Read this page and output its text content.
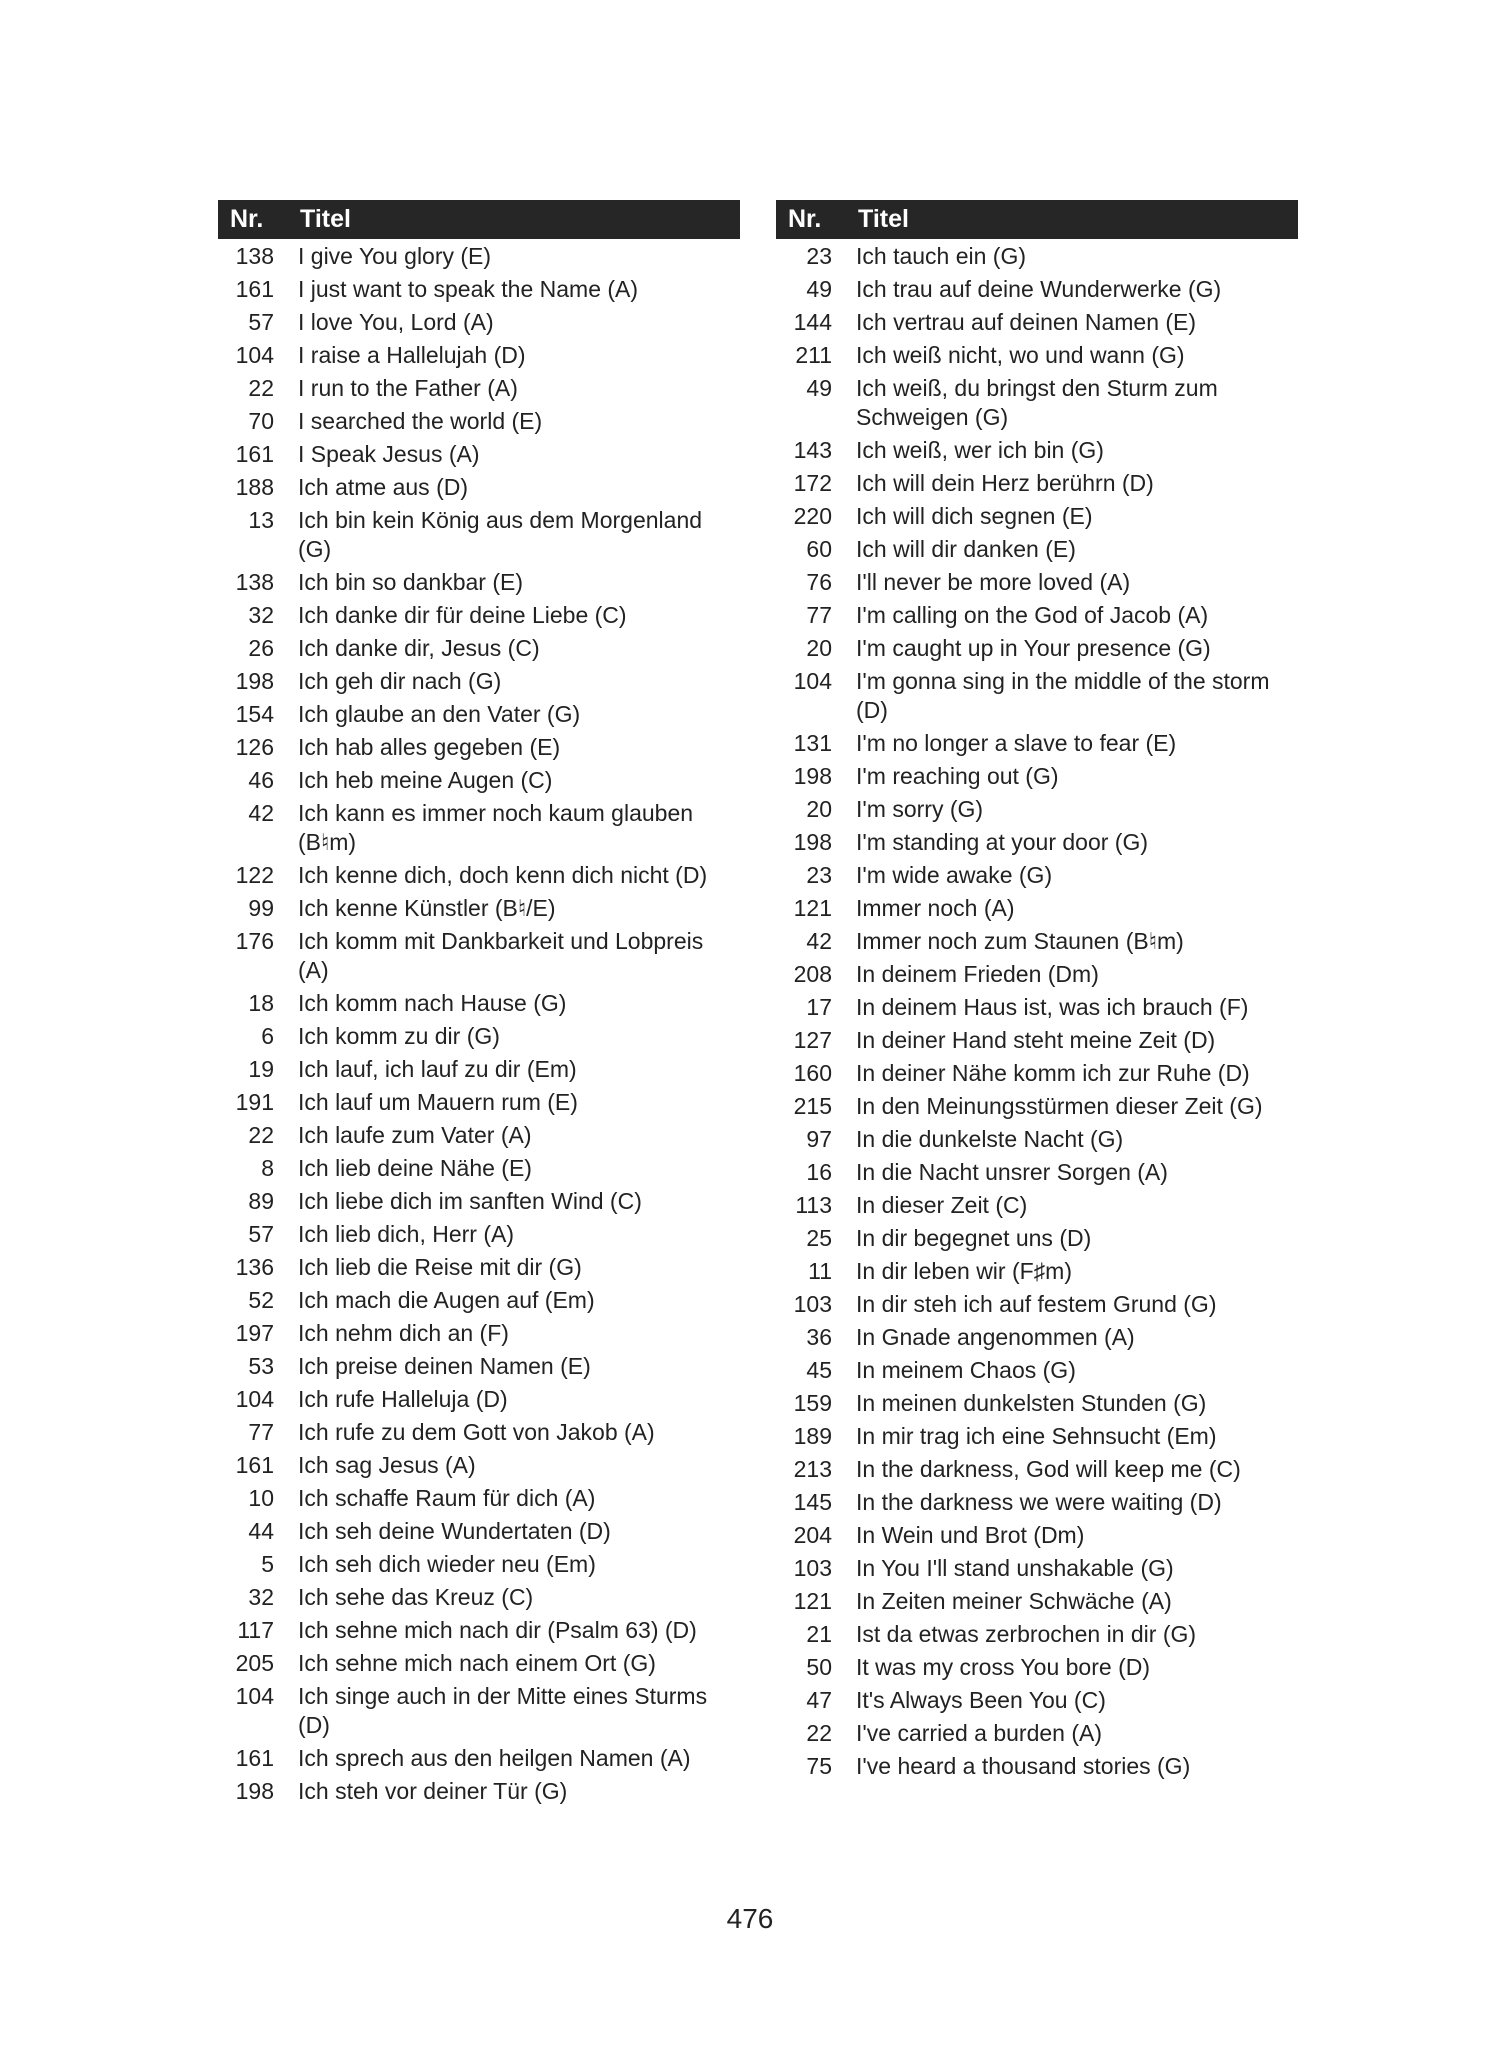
Nr.	Titel
138	I give You glory (E)
161	I just want to speak the Name (A)
57	I love You, Lord (A)
104	I raise a Hallelujah (D)
22	I run to the Father (A)
70	I searched the world (E)
161	I Speak Jesus (A)
188	Ich atme aus (D)
13	Ich bin kein König aus dem Morgenland (G)
138	Ich bin so dankbar (E)
32	Ich danke dir für deine Liebe (C)
26	Ich danke dir, Jesus (C)
198	Ich geh dir nach (G)
154	Ich glaube an den Vater (G)
126	Ich hab alles gegeben (E)
46	Ich heb meine Augen (C)
42	Ich kann es immer noch kaum glauben (B♮m)
122	Ich kenne dich, doch kenn dich nicht (D)
99	Ich kenne Künstler (B♮/E)
176	Ich komm mit Dankbarkeit und Lobpreis (A)
18	Ich komm nach Hause (G)
6	Ich komm zu dir (G)
19	Ich lauf, ich lauf zu dir (Em)
191	Ich lauf um Mauern rum (E)
22	Ich laufe zum Vater (A)
8	Ich lieb deine Nähe (E)
89	Ich liebe dich im sanften Wind (C)
57	Ich lieb dich, Herr (A)
136	Ich lieb die Reise mit dir (G)
52	Ich mach die Augen auf (Em)
197	Ich nehm dich an (F)
53	Ich preise deinen Namen (E)
104	Ich rufe Halleluja (D)
77	Ich rufe zu dem Gott von Jakob (A)
161	Ich sag Jesus (A)
10	Ich schaffe Raum für dich (A)
44	Ich seh deine Wundertaten (D)
5	Ich seh dich wieder neu (Em)
32	Ich sehe das Kreuz (C)
117	Ich sehne mich nach dir (Psalm 63) (D)
205	Ich sehne mich nach einem Ort (G)
104	Ich singe auch in der Mitte eines Sturms (D)
161	Ich sprech aus den heilgen Namen (A)
198	Ich steh vor deiner Tür (G)
Nr.	Titel
23	Ich tauch ein (G)
49	Ich trau auf deine Wunderwerke (G)
144	Ich vertrau auf deinen Namen (E)
211	Ich weiß nicht, wo und wann (G)
49	Ich weiß, du bringst den Sturm zum Schweigen (G)
143	Ich weiß, wer ich bin (G)
172	Ich will dein Herz berührn (D)
220	Ich will dich segnen (E)
60	Ich will dir danken (E)
76	I'll never be more loved (A)
77	I'm calling on the God of Jacob (A)
20	I'm caught up in Your presence (G)
104	I'm gonna sing in the middle of the storm (D)
131	I'm no longer a slave to fear (E)
198	I'm reaching out (G)
20	I'm sorry (G)
198	I'm standing at your door (G)
23	I'm wide awake (G)
121	Immer noch (A)
42	Immer noch zum Staunen (B♮m)
208	In deinem Frieden (Dm)
17	In deinem Haus ist, was ich brauch (F)
127	In deiner Hand steht meine Zeit (D)
160	In deiner Nähe komm ich zur Ruhe (D)
215	In den Meinungsstürmen dieser Zeit (G)
97	In die dunkelste Nacht (G)
16	In die Nacht unsrer Sorgen (A)
113	In dieser Zeit (C)
25	In dir begegnet uns (D)
11	In dir leben wir (F♯m)
103	In dir steh ich auf festem Grund (G)
36	In Gnade angenommen (A)
45	In meinem Chaos (G)
159	In meinen dunkelsten Stunden (G)
189	In mir trag ich eine Sehnsucht (Em)
213	In the darkness, God will keep me (C)
145	In the darkness we were waiting (D)
204	In Wein und Brot (Dm)
103	In You I'll stand unshakable (G)
121	In Zeiten meiner Schwäche (A)
21	Ist da etwas zerbrochen in dir (G)
50	It was my cross You bore (D)
47	It's Always Been You (C)
22	I've carried a burden (A)
75	I've heard a thousand stories (G)
476
